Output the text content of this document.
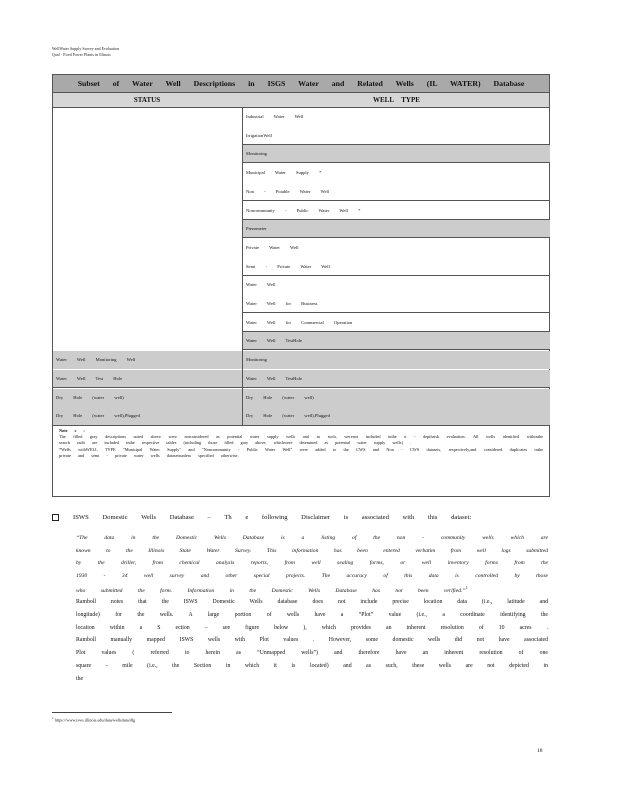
WellWater Supply Survey and Evaluation
Qual - Fired Power Plants in Illinois
Subset of Water Well Descriptions in ISGS Water and Related Wells (IL WATER) Database
STATUS	WELL TYPE
Industrial Water Well
IrrigationWell
Monitoring
Municipal Water Supply *
Non - Potable Water Well
Noncommunity - Public Water Well *
Piezometer
Private Water Well
Semi - Private Water Well
Water Well
Water Well for Business
Water Well for Commercial Operation
Water Well TestHole
Monitoring
Water Well TestHole
Dry Hole (water well)
Dry Hole (water well),Plugged
Water Well Monitoring Well
Water Well Test Hole
Dry Hole (water well)
Dry Hole (water well),Plugged

Note s :

The filled gray descriptions noted above were notconsidered as potential water supply wells and as such, werenot included inthe n - depthrisk evaluation. All wells identified withinthe search radii are included inthe respective tables (including those filled gray above, whichwere detemined as potential water supply wells) .

*Wells withWELL TYPE "Municipal Water Supply" and "Noncommunity - Public Water Well" were added to the CWS and Non - CWS datasets, respectively,and considered duplicates inthe private and semi - private water wells datasetsunless specified otherwise.

ISWS Domestic Wells Database – Th e following Disclaimer is associated with this dataset:
“The data in the Domestic Wells Database is a listing of the non - community wells which are known to the Illinois State Water Survey. This information has been entered verbatim from well logs submitted by the driller, from chemical analysis reports, from well sealing forms, or well inventory forms from the 1930 - 34 well survey and other special projects. The accuracy of this data is controlled by those who submitted the form. Information in the Domestic Wells Database has not been verified.”$^1$
Ramboll notes that the ISWS Domestic Wells database does not include precise location data (i.e., latitude and longitude) for the wells. A large portion of wells have a “Plot” value (i.e., a coordinate identifying the location within a S ection – see figure below ), which provides an inherent resolution of 10 acres . Ramboll manually mapped ISWS wells with Plot values . However, some domestic wells did not have associated Plot values ( referred to herein as “Unmapped wells”) and therefore have an inherent resolution of one square - mile (i.e., the Section in which it is located) and as such, these wells are not depicted in the
$^1$ https://www.isws.illinois.edu/data/wellsdata/dlg
18
